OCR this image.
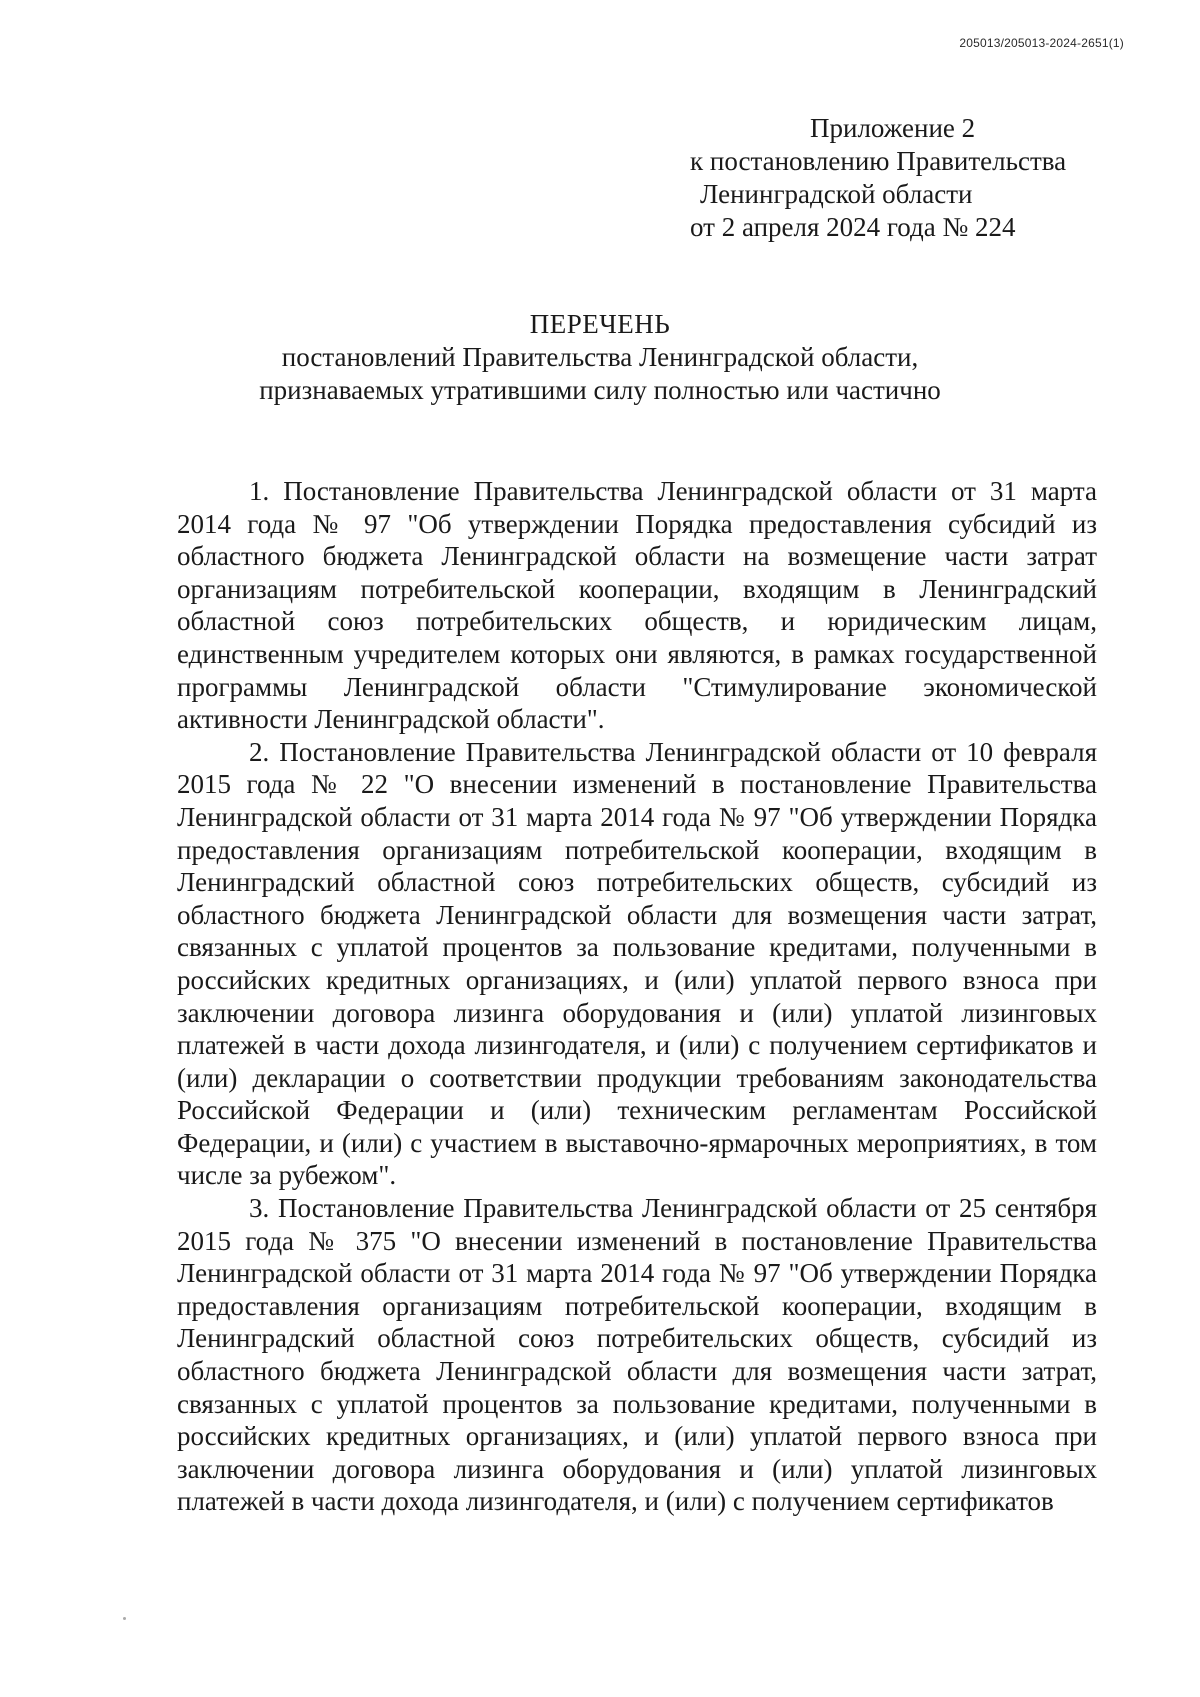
205013/205013-2024-2651(1)
Приложение 2
к постановлению Правительства
Ленинградской области
от 2 апреля 2024 года № 224
ПЕРЕЧЕНЬ
постановлений Правительства Ленинградской области,
признаваемых утратившими силу полностью или частично

1. Постановление Правительства Ленинградской области от 31 марта 2014 года № 97 "Об утверждении Порядка предоставления субсидий из областного бюджета Ленинградской области на возмещение части затрат организациям потребительской кооперации, входящим в Ленинградский областной союз потребительских обществ, и юридическим лицам, единственным учредителем которых они являются, в рамках государственной программы Ленинградской области "Стимулирование экономической активности Ленинградской области".

2. Постановление Правительства Ленинградской области от 10 февраля 2015 года № 22 "О внесении изменений в постановление Правительства Ленинградской области от 31 марта 2014 года № 97 "Об утверждении Порядка предоставления организациям потребительской кооперации, входящим в Ленинградский областной союз потребительских обществ, субсидий из областного бюджета Ленинградской области для возмещения части затрат, связанных с уплатой процентов за пользование кредитами, полученными в российских кредитных организациях, и (или) уплатой первого взноса при заключении договора лизинга оборудования и (или) уплатой лизинговых платежей в части дохода лизингодателя, и (или) с получением сертификатов и (или) декларации о соответствии продукции требованиям законодательства Российской Федерации и (или) техническим регламентам Российской Федерации, и (или) с участием в выставочно-ярмарочных мероприятиях, в том числе за рубежом".

3. Постановление Правительства Ленинградской области от 25 сентября 2015 года № 375 "О внесении изменений в постановление Правительства Ленинградской области от 31 марта 2014 года № 97 "Об утверждении Порядка предоставления организациям потребительской кооперации, входящим в Ленинградский областной союз потребительских обществ, субсидий из областного бюджета Ленинградской области для возмещения части затрат, связанных с уплатой процентов за пользование кредитами, полученными в российских кредитных организациях, и (или) уплатой первого взноса при заключении договора лизинга оборудования и (или) уплатой лизинговых платежей в части дохода лизингодателя, и (или) с получением сертификатов
